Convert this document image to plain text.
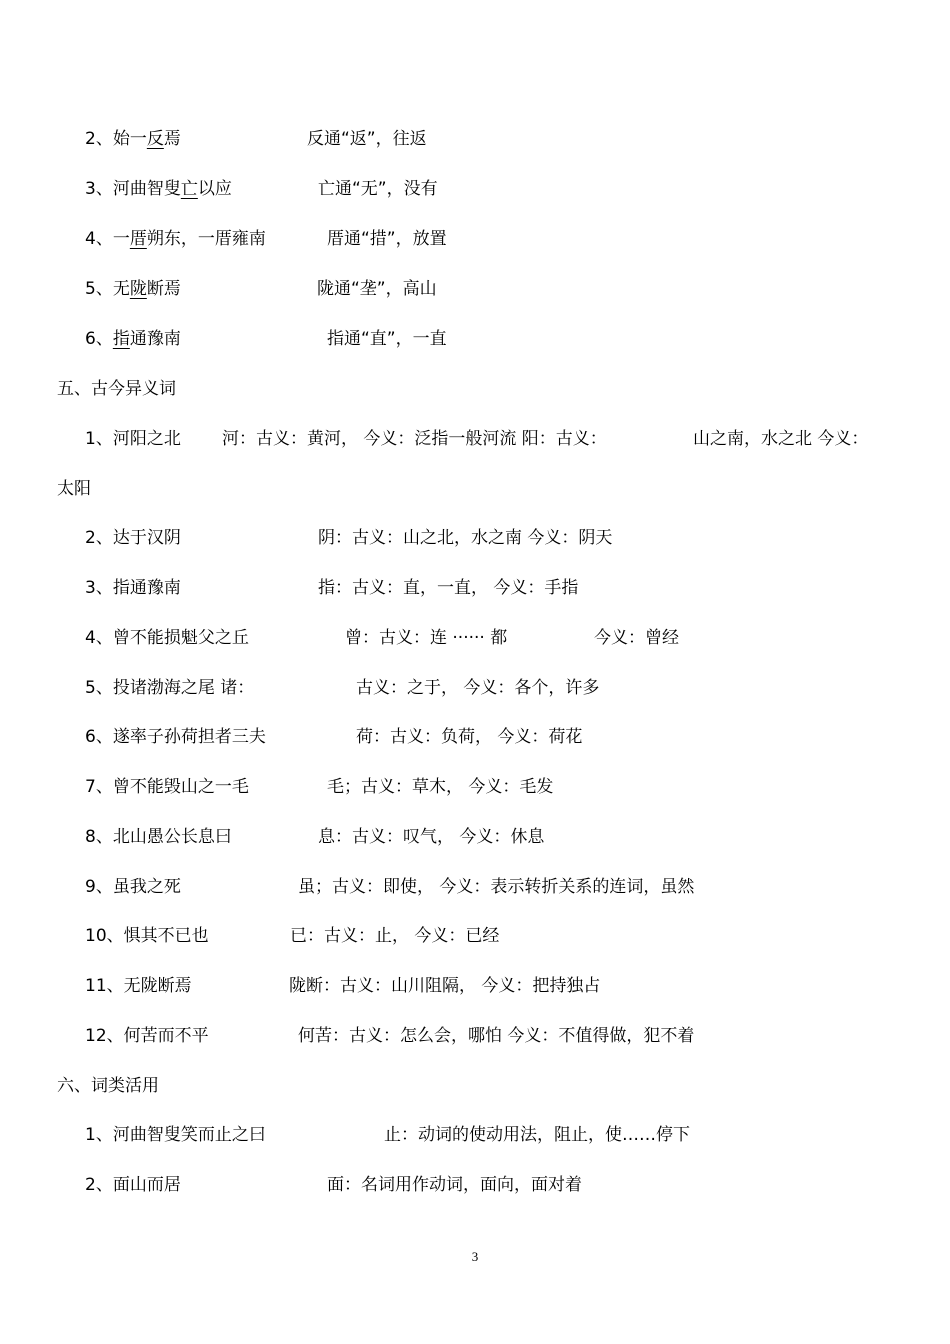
2、始一反焉	反通“返”，往返
3、河曲智叟亡以应	亡通“无”，没有
4、一厝朔东，一厝雍南	厝通“措”，放置
5、无陇断焉	陇通“垄”，高山
6、指通豫南	指通“直”，一直
五、古今异义词
1、河阳之北 河：古义：黄河， 今义：泛指一般河流 阳：古义：	山之南，水之北 今义：
太阳
2、达于汉阴	阴：古义：山之北，水之南 今义：阴天
3、指通豫南	指：古义：直，一直， 今义：手指
4、曾不能损魁父之丘	曾：古义：连 ······ 都	今义：曾经
5、投诸渤海之尾 诸：	古义：之于， 今义：各个，许多
6、遂率子孙荷担者三夫	荷：古义：负荷， 今义：荷花
7、曾不能毁山之一毛	毛；古义：草木， 今义：毛发
8、北山愚公长息曰	息：古义：叹气， 今义：休息
9、虽我之死	虽；古义：即使， 今义：表示转折关系的连词，虽然
10、惧其不已也	已：古义：止， 今义：已经
11、无陇断焉	陇断：古义：山川阻隔， 今义：把持独占
12、何苦而不平	何苦：古义：怎么会，哪怕 今义：不值得做，犯不着
六、词类活用
1、河曲智叟笑而止之曰	止：动词的使动用法，阻止，使……停下
2、面山而居	面：名词用作动词，面向，面对着
3
